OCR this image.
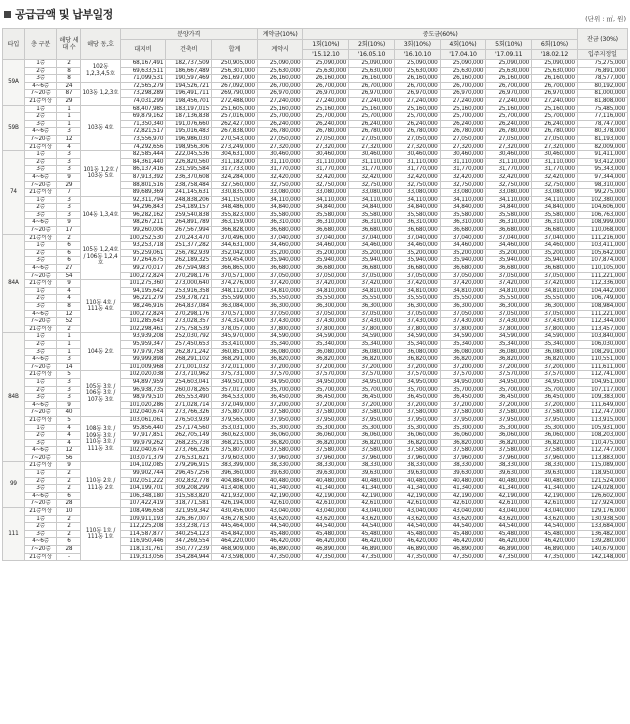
공급금액 및 납부일정	(단위 : ㎡, 원)
타입	층 구분	해당 세대 수	해당 동,호	분양가격			계약금(10%)	중도금(60%)						잔금 (30%)
				대지비	건축비	합계	계약시	1회(10%)	2회(10%)	3회(10%)	4회(10%)	5회(10%)	6회(10%)	
								'15.12.10	'16.05.10	'16.10.10	'17.04.10	'17.09.11	'18.02.12	입주지정일
59A	1층	2	102동 1,2,3,4,5호	68,167,491	182,737,509	250,905,000	25,090,000	25,090,000	25,090,000	25,090,000	25,090,000	25,090,000	25,090,000	75,275,000
	2층	8		69,633,511	186,667,489	256,301,000	25,630,000	25,630,000	25,630,000	25,630,000	25,630,000	25,630,000	25,630,000	76,891,000
	3층	8		71,099,531	190,597,469	261,697,000	26,160,000	26,160,000	26,160,000	26,160,000	26,160,000	26,160,000	26,160,000	78,577,000
	4~6층	24	103동 1,2,3호	72,565,279	194,526,721	267,092,000	26,700,000	26,700,000	26,700,000	26,700,000	26,700,000	26,700,000	26,700,000	80,192,000
	7~20층	87		73,298,289	196,491,711	269,790,000	26,970,000	26,970,000	26,970,000	26,970,000	26,970,000	26,970,000	26,970,000	81,000,000
	21층이상	29		74,031,299	198,456,701	272,488,000	27,240,000	27,240,000	27,240,000	27,240,000	27,240,000	27,240,000	27,240,000	81,808,000
59B	1층	1	103동 4호	68,407,985	183,197,015	251,605,000	25,160,000	25,160,000	25,160,000	25,160,000	25,160,000	25,160,000	25,160,000	75,485,000
	2층	1		69,879,162	187,136,838	257,016,000	25,700,000	25,700,000	25,700,000	25,700,000	25,700,000	25,700,000	25,700,000	77,116,000
	3층	1		71,350,340	191,076,660	262,427,000	26,240,000	26,240,000	26,240,000	26,240,000	26,240,000	26,240,000	26,240,000	78,747,000
	4~6층	3		72,821,517	195,016,483	267,838,000	26,780,000	26,780,000	26,780,000	26,780,000	26,780,000	26,780,000	26,780,000	80,378,000
	7~20층	12		73,556,970	196,986,030	270,543,000	27,050,000	27,050,000	27,050,000	27,050,000	27,050,000	27,050,000	27,050,000	81,193,000
	21층이상	4		74,292,656	198,956,306	273,249,000	27,320,000	27,320,000	27,320,000	27,320,000	27,320,000	27,320,000	27,320,000	82,009,000
74	1층	3	101동 1,2호 / 103동 5호	82,585,444	222,045,536	304,631,000	30,460,000	30,460,000	30,460,000	30,460,000	30,460,000	30,460,000	30,460,000	91,411,000
	2층	3		84,361,440	226,820,560	311,182,000	31,110,000	31,110,000	31,110,000	31,110,000	31,110,000	31,110,000	31,110,000	93,412,000
	3층	3		86,137,416	231,595,584	317,733,000	31,770,000	31,770,000	31,770,000	31,770,000	31,770,000	31,770,000	31,770,000	95,343,000
	4~6층	9		87,913,392	236,370,608	324,284,000	32,420,000	32,420,000	32,420,000	32,420,000	32,420,000	32,420,000	32,420,000	97,344,000
	7~20층	29		88,801,516	238,758,484	327,560,000	32,750,000	32,750,000	32,750,000	32,750,000	32,750,000	32,750,000	32,750,000	98,310,000
	21층이상	7		89,689,369	241,145,631	330,835,000	33,080,000	33,080,000	33,080,000	33,080,000	33,080,000	33,080,000	33,080,000	99,275,000
	1층	3	104동 1,3,4호	92,311,794	248,838,206	341,150,000	34,110,000	34,110,000	34,110,000	34,110,000	34,110,000	34,110,000	34,110,000	102,380,000
	2층	3		94,296,843	254,189,157	348,486,000	34,840,000	34,840,000	34,840,000	34,840,000	34,840,000	34,840,000	34,840,000	104,606,000
	3층	3		96,282,162	259,540,838	355,823,000	35,580,000	35,580,000	35,580,000	35,580,000	35,580,000	35,580,000	35,580,000	106,763,000
	4~6층	9		98,267,211	264,891,789	363,159,000	36,310,000	36,310,000	36,310,000	36,310,000	36,310,000	36,310,000	36,310,000	108,999,000
	7~20층	17		99,260,006	267,567,994	366,828,000	36,680,000	36,680,000	36,680,000	36,680,000	36,680,000	36,680,000	36,680,000	110,068,000
84A	21층이상	2	105동 1,2,4호 / 106동 1,2,4호	100,252,530	270,243,470	370,496,000	37,040,000	37,040,000	37,040,000	37,040,000	37,040,000	37,040,000	37,040,000	111,216,000
	1층	6		93,253,718	251,377,282	344,631,000	34,460,000	34,460,000	34,460,000	34,460,000	34,460,000	34,460,000	34,460,000	103,411,000
	2층	6		95,259,061	256,782,939	352,042,000	35,200,000	35,200,000	35,200,000	35,200,000	35,200,000	35,200,000	35,200,000	105,642,000
	3층	6		97,264,675	262,189,325	359,454,000	35,940,000	35,940,000	35,940,000	35,940,000	35,940,000	35,940,000	35,940,000	107,874,000
	4~6층	27		99,270,017	267,594,983	366,865,000	36,680,000	36,680,000	36,680,000	36,680,000	36,680,000	36,680,000	36,680,000	110,105,000
	7~20층	54		100,272,824	270,298,176	370,571,000	37,050,000	37,050,000	37,050,000	37,050,000	37,050,000	37,050,000	37,050,000	111,221,000
	21층이상	9	110동 4호 / 111동 4호	101,275,360	273,000,640	374,276,000	37,420,000	37,420,000	37,420,000	37,420,000	37,420,000	37,420,000	37,420,000	112,336,000
	1층	4		94,195,642	253,916,358	348,112,000	34,810,000	34,810,000	34,810,000	34,810,000	34,810,000	34,810,000	34,810,000	104,442,000
	2층	4		96,221,279	259,378,721	355,599,000	35,550,000	35,550,000	35,550,000	35,550,000	35,550,000	35,550,000	35,550,000	106,749,000
	3층	8		98,246,916	264,837,084	363,084,000	36,300,000	36,300,000	36,300,000	36,300,000	36,300,000	36,300,000	36,300,000	108,984,000
	4~6층	12		100,272,824	270,298,176	370,571,000	37,050,000	37,050,000	37,050,000	37,050,000	37,050,000	37,050,000	37,050,000	111,221,000
	7~20층	52		101,285,643	273,028,357	374,314,000	37,430,000	37,430,000	37,430,000	37,430,000	37,430,000	37,430,000	37,430,000	112,344,000
	21층이상	2		102,298,461	275,758,539	378,057,000	37,800,000	37,800,000	37,800,000	37,800,000	37,800,000	37,800,000	37,800,000	113,457,000
84B	1층	1	104동 2호	93,939,208	252,030,792	345,970,000	34,590,000	34,590,000	34,590,000	34,590,000	34,590,000	34,590,000	34,590,000	103,840,000
	2층	1		95,959,347	257,450,653	353,410,000	35,340,000	35,340,000	35,340,000	35,340,000	35,340,000	35,340,000	35,340,000	106,030,000
	3층	1		97,979,758	262,871,242	360,851,000	36,080,000	36,080,000	36,080,000	36,080,000	36,080,000	36,080,000	36,080,000	108,291,000
	4~6층	3		99,999,898	268,291,102	368,291,000	36,820,000	36,820,000	36,820,000	36,820,000	36,820,000	36,820,000	36,820,000	110,551,000
	7~20층	14		101,009,968	271,001,032	372,011,000	37,200,000	37,200,000	37,200,000	37,200,000	37,200,000	37,200,000	37,200,000	111,611,000
	21층이상	5	105동 3호 / 106동 3호 / 107동 3호	102,020,038	273,710,962	375,731,000	37,570,000	37,570,000	37,570,000	37,570,000	37,570,000	37,570,000	37,570,000	112,741,000
	1층	3		94,897,959	254,603,041	349,501,000	34,950,000	34,950,000	34,950,000	34,950,000	34,950,000	34,950,000	34,950,000	104,951,000
	2층	3		96,938,735	260,078,265	357,017,000	35,700,000	35,700,000	35,700,000	35,700,000	35,700,000	35,700,000	35,700,000	107,117,000
	3층	3		98,979,510	265,553,490	364,533,000	36,450,000	36,450,000	36,450,000	36,450,000	36,450,000	36,450,000	36,450,000	109,383,000
	4~6층	9		101,020,286	271,028,714	372,049,000	37,200,000	37,200,000	37,200,000	37,200,000	37,200,000	37,200,000	37,200,000	111,649,000
	7~20층	40		102,040,674	273,766,326	375,807,000	37,580,000	37,580,000	37,580,000	37,580,000	37,580,000	37,580,000	37,580,000	112,747,000
	21층이상	5	108동 3호 / 109동 3호 / 110동 3호 / 111동 3호	103,061,061	276,503,939	379,565,000	37,950,000	37,950,000	37,950,000	37,950,000	37,950,000	37,950,000	37,950,000	113,915,000
	1층	4		95,856,440	257,174,560	353,031,000	35,300,000	35,300,000	35,300,000	35,300,000	35,300,000	35,300,000	35,300,000	105,931,000
	2층	4		97,917,851	262,705,149	360,623,000	36,060,000	36,060,000	36,060,000	36,060,000	36,060,000	36,060,000	36,060,000	108,203,000
	3층	4		99,979,262	268,235,738	368,215,000	36,820,000	36,820,000	36,820,000	36,820,000	36,820,000	36,820,000	36,820,000	110,475,000
	4~6층	12		102,040,674	273,766,326	375,807,000	37,580,000	37,580,000	37,580,000	37,580,000	37,580,000	37,580,000	37,580,000	112,747,000
	7~20층	56		103,071,379	276,531,621	379,603,000	37,960,000	37,960,000	37,960,000	37,960,000	37,960,000	37,960,000	37,960,000	113,883,000
99	21층이상	9	110동 2호 / 111동 2호	104,102,085	279,296,915	383,399,000	38,330,000	38,330,000	38,330,000	38,330,000	38,330,000	38,330,000	38,330,000	115,089,000
	1층	2		99,902,744	296,457,256	396,360,000	39,630,000	39,630,000	39,630,000	39,630,000	39,630,000	39,630,000	39,630,000	118,950,000
	2층	2		102,051,222	302,832,778	404,884,000	40,480,000	40,480,000	40,480,000	40,480,000	40,480,000	40,480,000	40,480,000	121,524,000
	3층	2		104,199,701	309,208,299	413,408,000	41,340,000	41,340,000	41,340,000	41,340,000	41,340,000	41,340,000	41,340,000	124,028,000
	4~6층	6		106,348,180	315,583,820	421,932,000	42,190,000	42,190,000	42,190,000	42,190,000	42,190,000	42,190,000	42,190,000	126,602,000
	7~20층	28		107,422,419	318,771,581	426,194,000	42,610,000	42,610,000	42,610,000	42,610,000	42,610,000	42,610,000	42,610,000	127,924,000
111	21층이상	10	110동 1호 / 111동 1호	108,496,658	321,959,342	430,456,000	43,040,000	43,040,000	43,040,000	43,040,000	43,040,000	43,040,000	43,040,000	129,176,000
	1층	2		109,911,193	326,367,007	436,278,500	43,620,000	43,620,000	43,620,000	43,620,000	43,620,000	43,620,000	43,620,000	130,938,500
	2층	2		112,225,208	333,238,713	445,464,000	44,540,000	44,540,000	44,540,000	44,540,000	44,540,000	44,540,000	44,540,000	133,684,000
	3층	2		114,587,877	340,254,123	454,842,000	45,480,000	45,480,000	45,480,000	45,480,000	45,480,000	45,480,000	45,480,000	136,482,000
	4~6층	6		116,950,446	347,269,554	464,220,000	46,420,000	46,420,000	46,420,000	46,420,000	46,420,000	46,420,000	46,420,000	139,280,000
	7~20층	28		118,131,761	350,777,239	468,909,000	46,890,000	46,890,000	46,890,000	46,890,000	46,890,000	46,890,000	46,890,000	140,679,000
	21층이상	-		119,313,056	354,284,944	473,598,000	47,350,000	47,350,000	47,350,000	47,350,000	47,350,000	47,350,000	47,350,000	142,148,000
